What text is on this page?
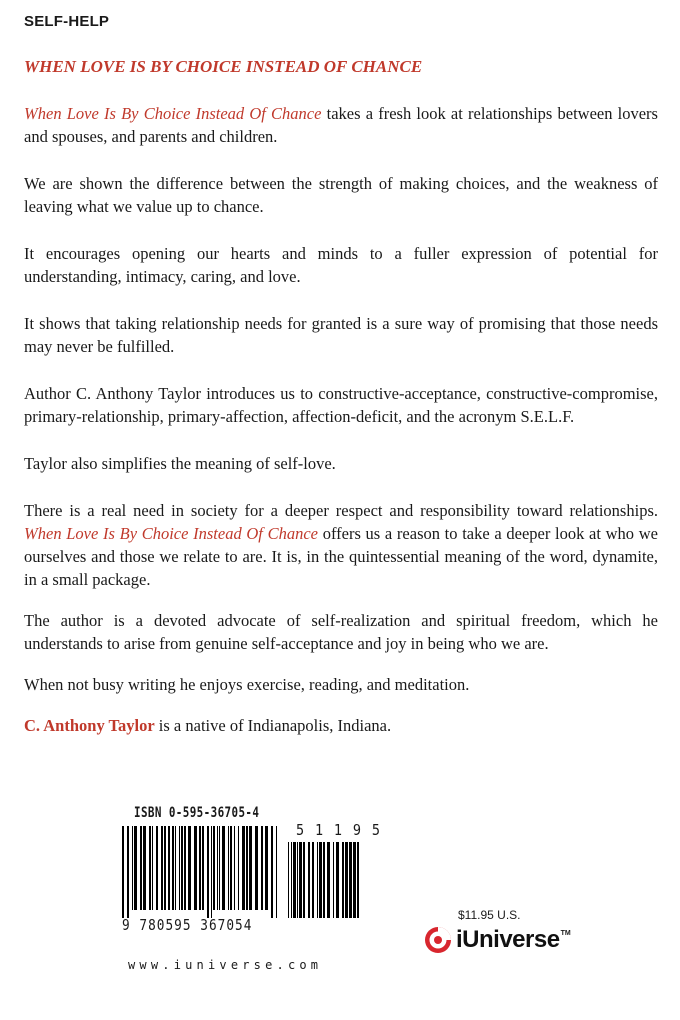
SELF-HELP
WHEN LOVE IS BY CHOICE INSTEAD OF CHANCE

When Love Is By Choice Instead Of Chance takes a fresh look at relationships between lovers and spouses, and parents and children.

We are shown the difference between the strength of making choices, and the weakness of leaving what we value up to chance.

It encourages opening our hearts and minds to a fuller expression of potential for understanding, intimacy, caring, and love.

It shows that taking relationship needs for granted is a sure way of promising that those needs may never be fulfilled.

Author C. Anthony Taylor introduces us to constructive-acceptance, constructive-compromise, primary-relationship, primary-affection, affection-deficit, and the acronym S.E.L.F.

Taylor also simplifies the meaning of self-love.

There is a real need in society for a deeper respect and responsibility toward relationships. When Love Is By Choice Instead Of Chance offers us a reason to take a deeper look at who we ourselves and those we relate to are. It is, in the quintessential meaning of the word, dynamite, in a small package.

The author is a devoted advocate of self-realization and spiritual freedom, which he understands to arise from genuine self-acceptance and joy in being who we are.

When not busy writing he enjoys exercise, reading, and meditation.

C. Anthony Taylor is a native of Indianapolis, Indiana.

ISBN 0-595-36705-4
9 780595 367054
5 1 1 9 5
$11.95 U.S.
iUniverse TM
www.iuniverse.com
